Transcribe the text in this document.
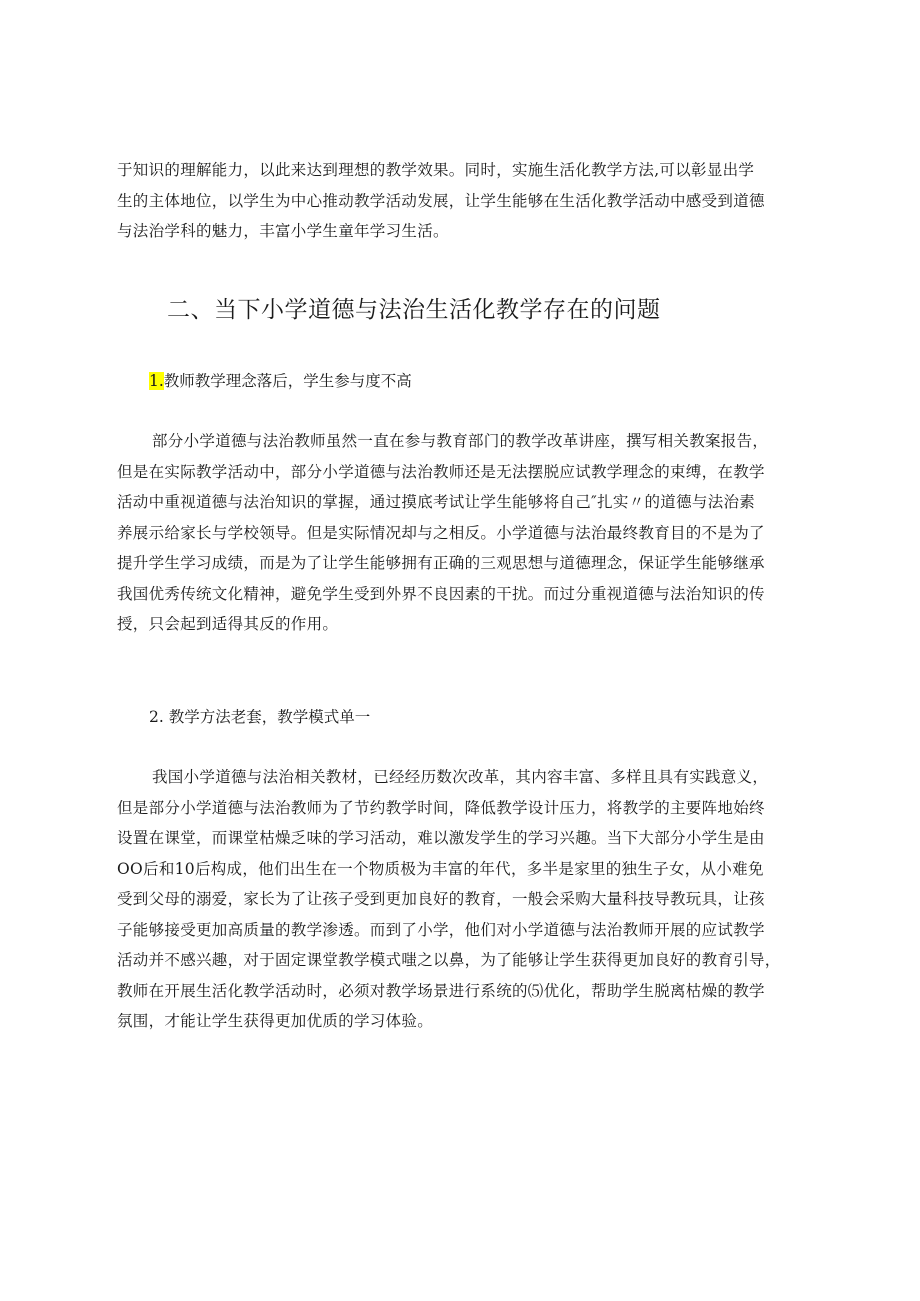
于知识的理解能力，以此来达到理想的教学效果。同时，实施生活化教学方法,可以彰显出学
生的主体地位，以学生为中心推动教学活动发展，让学生能够在生活化教学活动中感受到道德
与法治学科的魅力，丰富小学生童年学习生活。
二、当下小学道德与法治生活化教学存在的问题
1.教师教学理念落后，学生参与度不高
部分小学道德与法治教师虽然一直在参与教育部门的教学改革讲座，撰写相关教案报告，
但是在实际教学活动中，部分小学道德与法治教师还是无法摆脱应试教学理念的束缚，在教学
活动中重视道德与法治知识的掌握，通过摸底考试让学生能够将自己″扎实〃的道德与法治素
养展示给家长与学校领导。但是实际情况却与之相反。小学道德与法治最终教育目的不是为了
提升学生学习成绩，而是为了让学生能够拥有正确的三观思想与道德理念，保证学生能够继承
我国优秀传统文化精神，避免学生受到外界不良因素的干扰。而过分重视道德与法治知识的传
授，只会起到适得其反的作用。
2. 教学方法老套，教学模式单一
我国小学道德与法治相关教材，已经经历数次改革，其内容丰富、多样且具有实践意义，
但是部分小学道德与法治教师为了节约教学时间，降低教学设计压力，将教学的主要阵地始终
设置在课堂，而课堂枯燥乏味的学习活动，难以激发学生的学习兴趣。当下大部分小学生是由
OO后和10后构成，他们出生在一个物质极为丰富的年代，多半是家里的独生子女，从小难免
受到父母的溺爱，家长为了让孩子受到更加良好的教育，一般会采购大量科技导教玩具，让孩
子能够接受更加高质量的教学渗透。而到了小学，他们对小学道德与法治教师开展的应试教学
活动并不感兴趣，对于固定课堂教学模式嗤之以鼻，为了能够让学生获得更加良好的教育引导，
教师在开展生活化教学活动时，必须对教学场景进行系统的⑸优化，帮助学生脱离枯燥的教学
氛围，才能让学生获得更加优质的学习体验。
